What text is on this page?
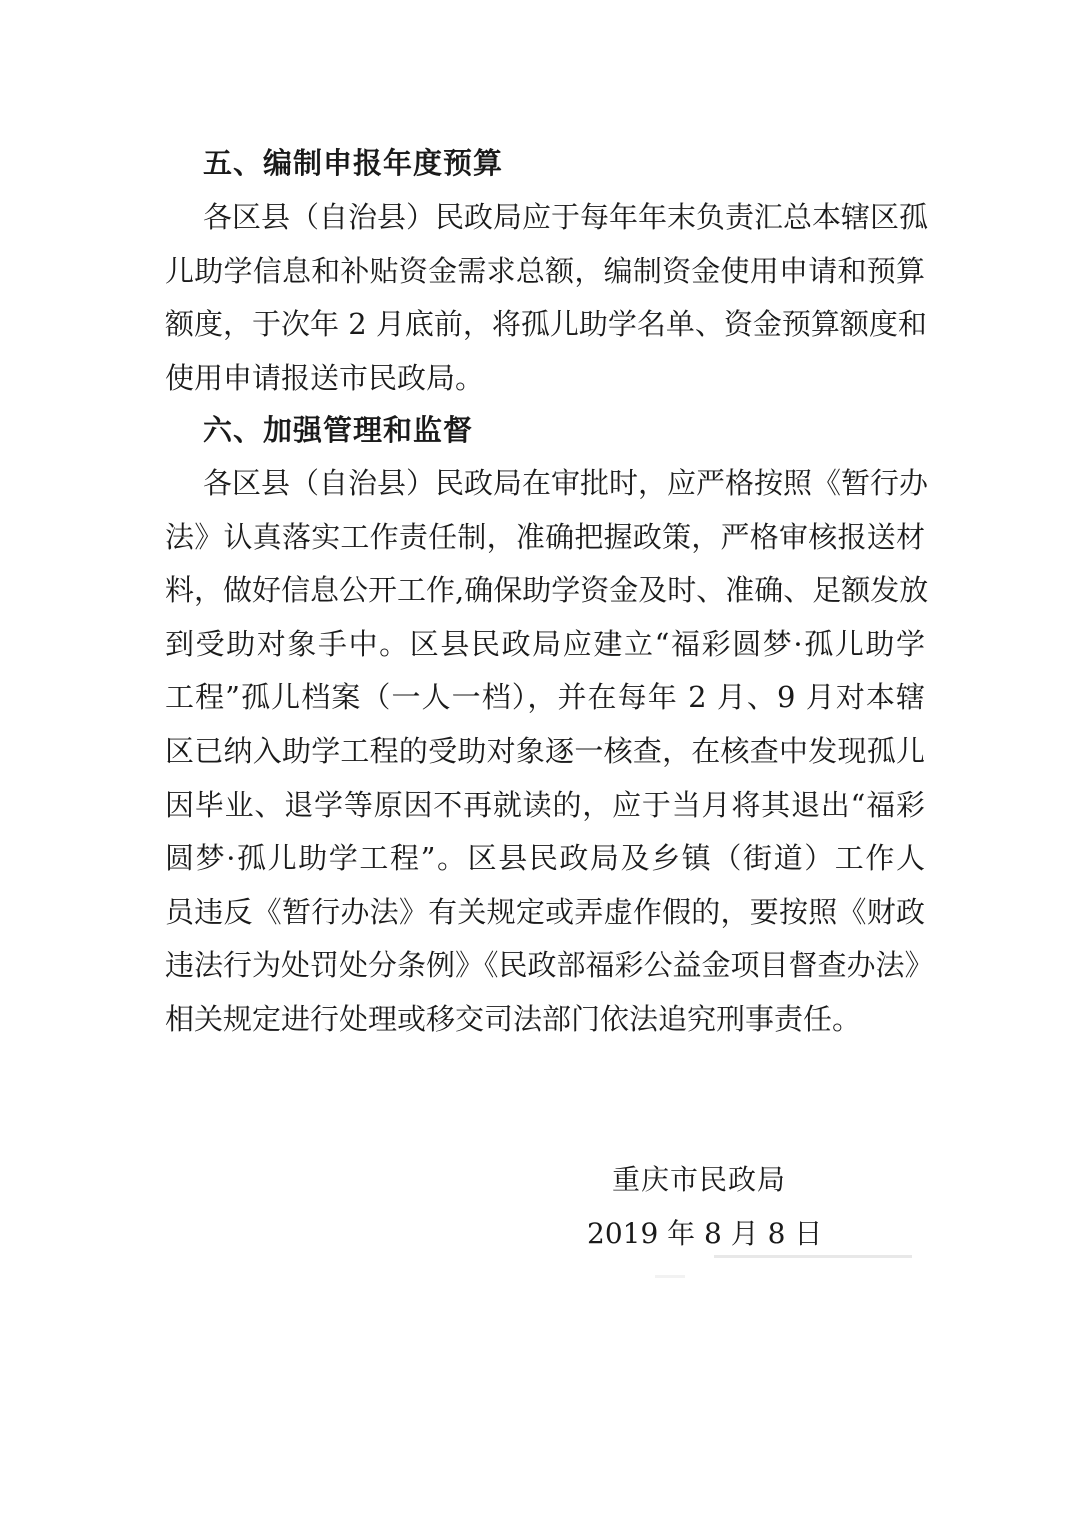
五、编制申报年度预算
各区县（自治县）民政局应于每年年末负责汇总本辖区孤
儿助学信息和补贴资金需求总额，编制资金使用申请和预算
额度，于次年 2 月底前，将孤儿助学名单、资金预算额度和
使用申请报送市民政局。
六、加强管理和监督
各区县（自治县）民政局在审批时，应严格按照《暂行办
法》认真落实工作责任制，准确把握政策，严格审核报送材
料，做好信息公开工作,确保助学资金及时、准确、足额发放
到受助对象手中。区县民政局应建立“福彩圆梦·孤儿助学
工程”孤儿档案（一人一档），并在每年 2 月、9 月对本辖
区已纳入助学工程的受助对象逐一核查，在核查中发现孤儿
因毕业、退学等原因不再就读的，应于当月将其退出“福彩
圆梦·孤儿助学工程”。区县民政局及乡镇（街道）工作人
员违反《暂行办法》有关规定或弄虚作假的，要按照《财政
违法行为处罚处分条例》《民政部福彩公益金项目督查办法》
相关规定进行处理或移交司法部门依法追究刑事责任。
重庆市民政局
2019 年 8 月 8 日
